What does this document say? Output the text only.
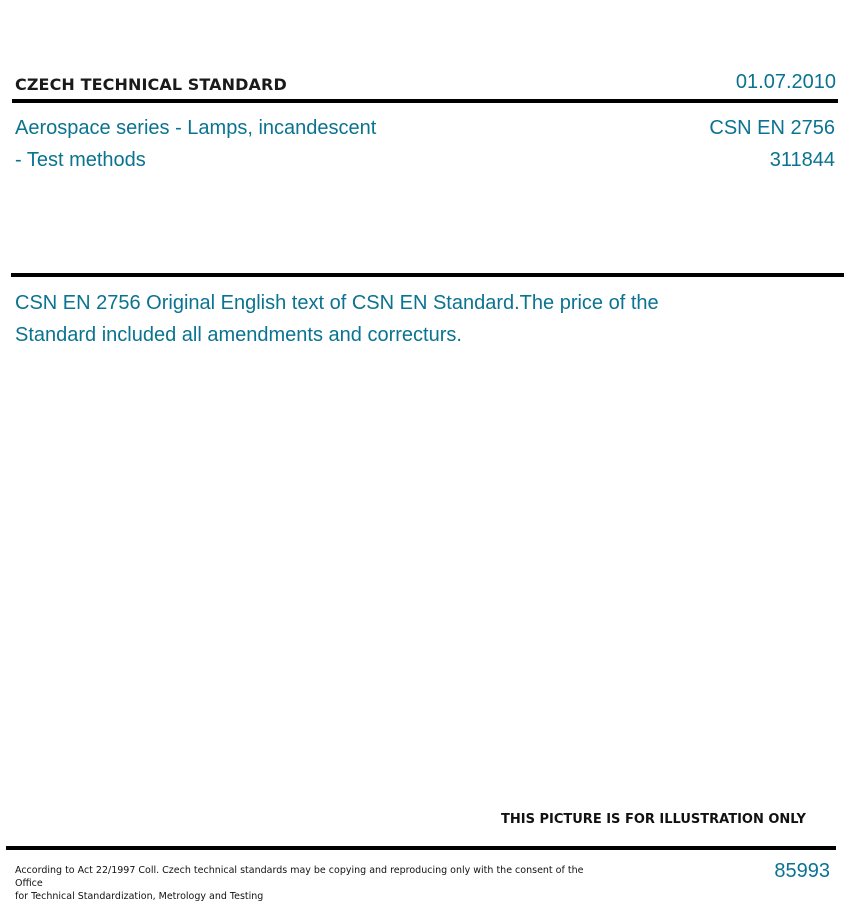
CZECH TECHNICAL STANDARD	01.07.2010
Aerospace series - Lamps, incandescent
- Test methods
CSN EN 2756
311844
CSN EN 2756 Original English text of CSN EN Standard.The price of the Standard included all amendments and correcturs.
THIS PICTURE IS FOR ILLUSTRATION ONLY
According to Act 22/1997 Coll. Czech technical standards may be copying and reproducing only with the consent of the Office
for Technical Standardization, Metrology and Testing
85993
